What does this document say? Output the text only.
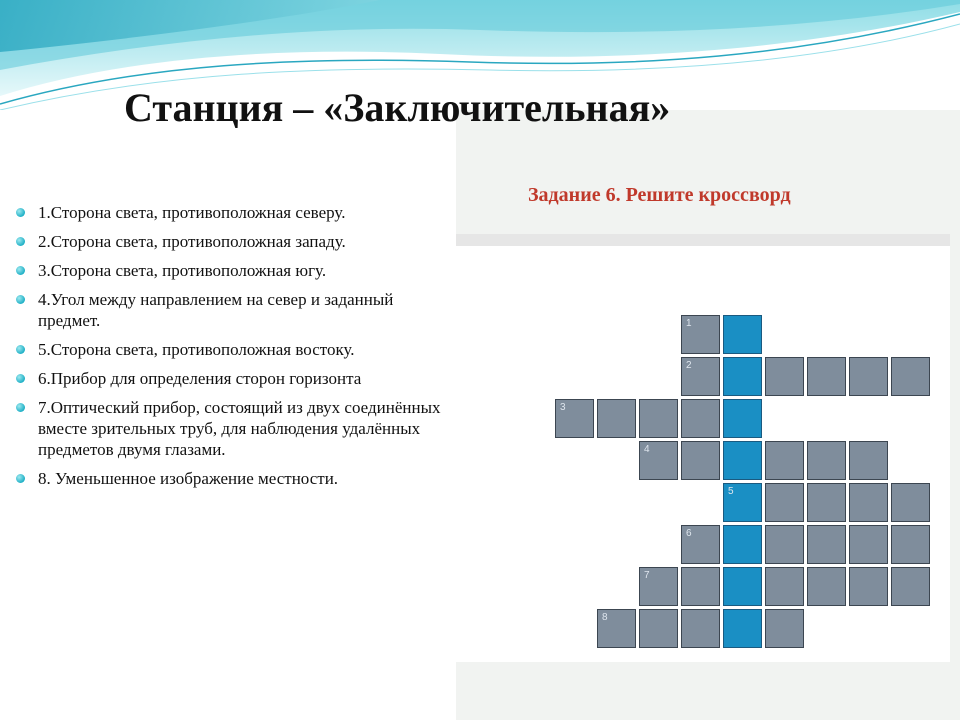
Станция – «Заключительная»
Задание 6. Решите кроссворд
1.Сторона света, противоположная северу.
2.Сторона света, противоположная западу.
3.Сторона света, противоположная югу.
4.Угол между направлением на север и заданный предмет.
5.Сторона света, противоположная востоку.
6.Прибор для определения сторон горизонта
7.Оптический прибор, состоящий из двух соединённых вместе зрительных труб, для наблюдения удалённых предметов двумя глазами.
8. Уменьшенное изображение местности.
1
2
3
4
5
6
7
8
